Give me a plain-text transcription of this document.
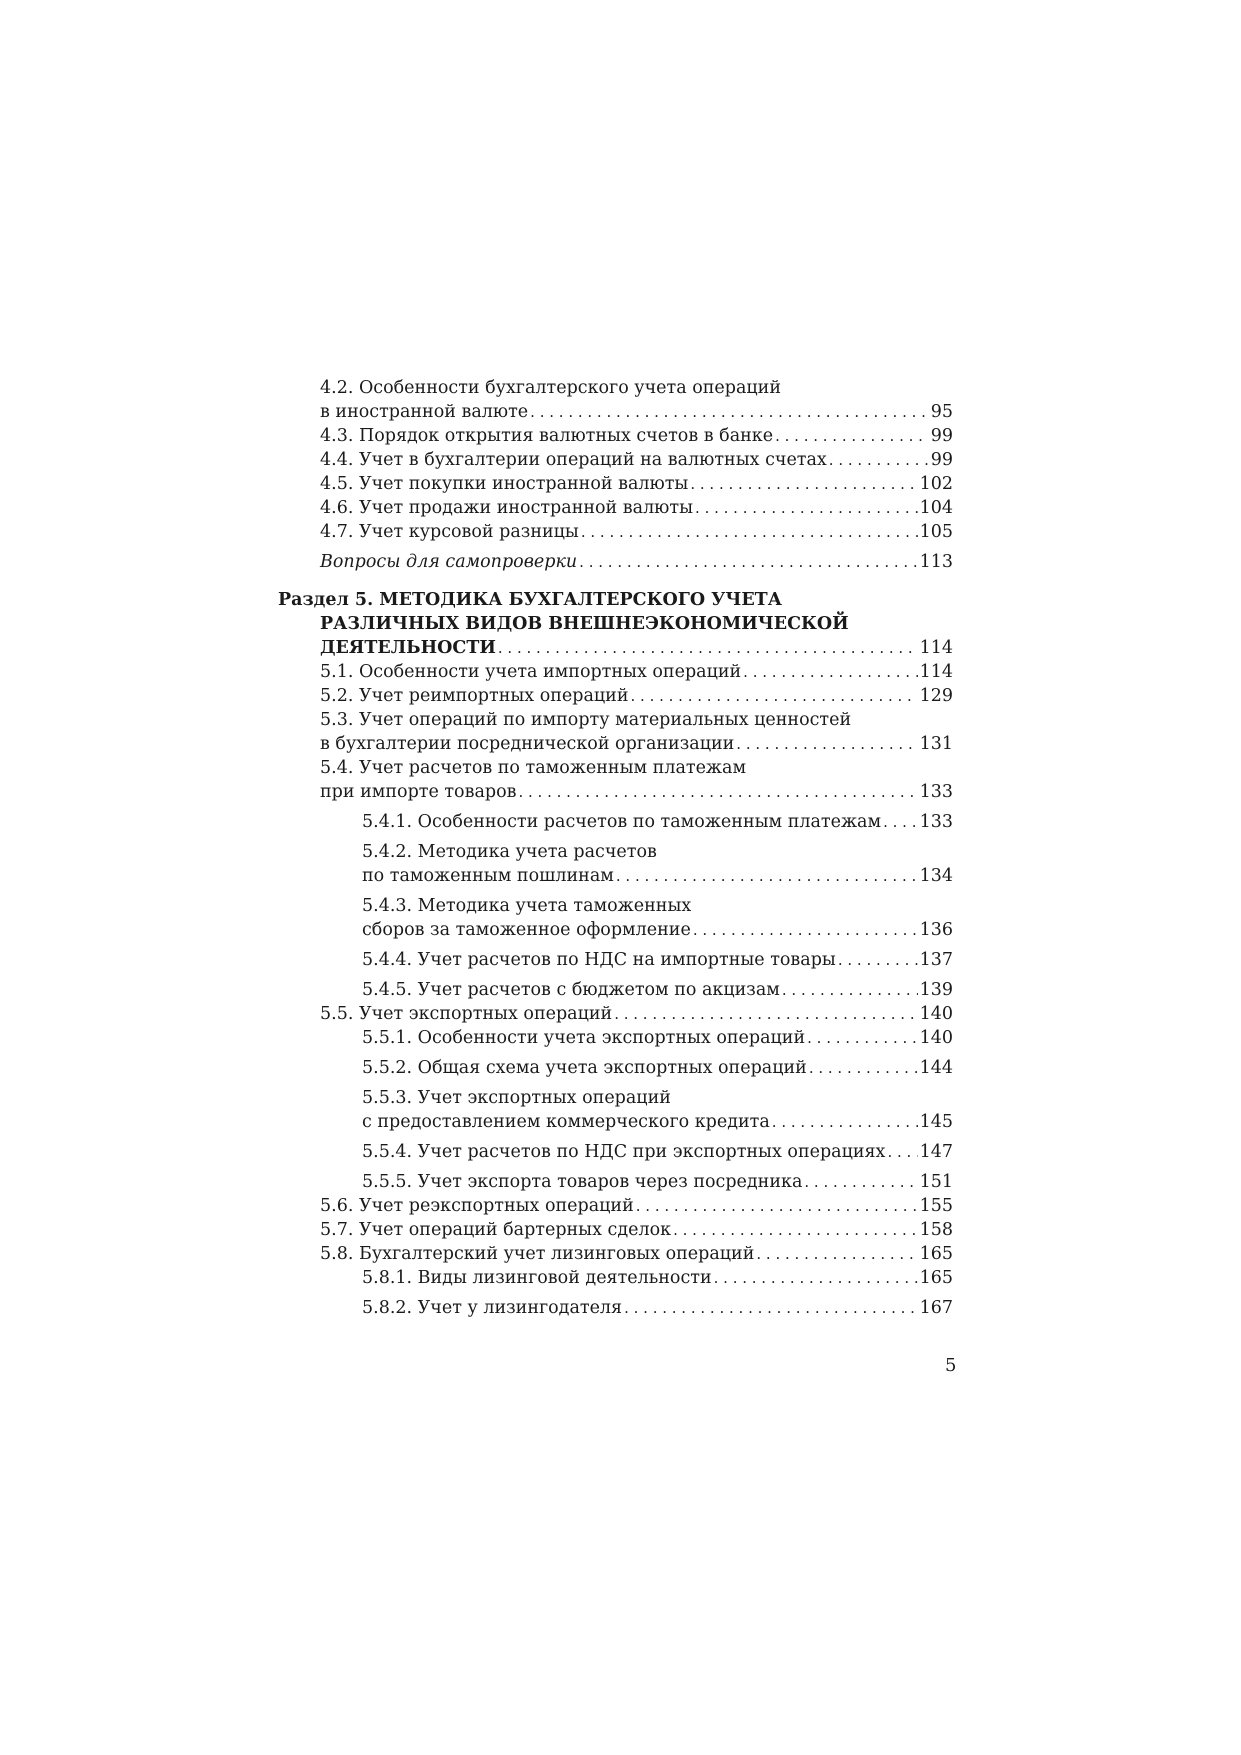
4.2. Особенности бухгалтерского учета операций
в иностранной валюте . . .	95
4.3. Порядок открытия валютных счетов в банке . . .	99
4.4. Учет в бухгалтерии операций на валютных счетах . . .	99
4.5. Учет покупки иностранной валюты . . .	102
4.6. Учет продажи иностранной валюты . . .	104
4.7. Учет курсовой разницы . . .	105
Вопросы для самопроверки . . .	113
Раздел 5. МЕТОДИКА БУХГАЛТЕРСКОГО УЧЕТА
РАЗЛИЧНЫХ ВИДОВ ВНЕШНЕЭКОНОМИЧЕСКОЙ
ДЕЯТЕЛЬНОСТИ . . .	114
5.1. Особенности учета импортных операций . . .	114
5.2. Учет реимпортных операций . . .	129
5.3. Учет операций по импорту материальных ценностей
в бухгалтерии посреднической организации . . .	131
5.4. Учет расчетов по таможенным платежам
при импорте товаров . . .	133
5.4.1. Особенности расчетов по таможенным платежам . . . 133
5.4.2. Методика учета расчетов
по таможенным пошлинам . . .	134
5.4.3. Методика учета таможенных
сборов за таможенное оформление . . .	136
5.4.4. Учет расчетов по НДС на импортные товары . . .	137
5.4.5. Учет расчетов с бюджетом по акцизам . . .	139
5.5. Учет экспортных операций . . .	140
5.5.1. Особенности учета экспортных операций . . .	140
5.5.2. Общая схема учета экспортных операций . . .	144
5.5.3. Учет экспортных операций
с предоставлением коммерческого кредита . . .	145
5.5.4. Учет расчетов по НДС при экспортных операциях . . . 147
5.5.5. Учет экспорта товаров через посредника . . .	151
5.6. Учет реэкспортных операций . . .	155
5.7. Учет операций бартерных сделок . . .	158
5.8. Бухгалтерский учет лизинговых операций . . .	165
5.8.1. Виды лизинговой деятельности . . .	165
5.8.2. Учет у лизингодателя . . .	167
5
